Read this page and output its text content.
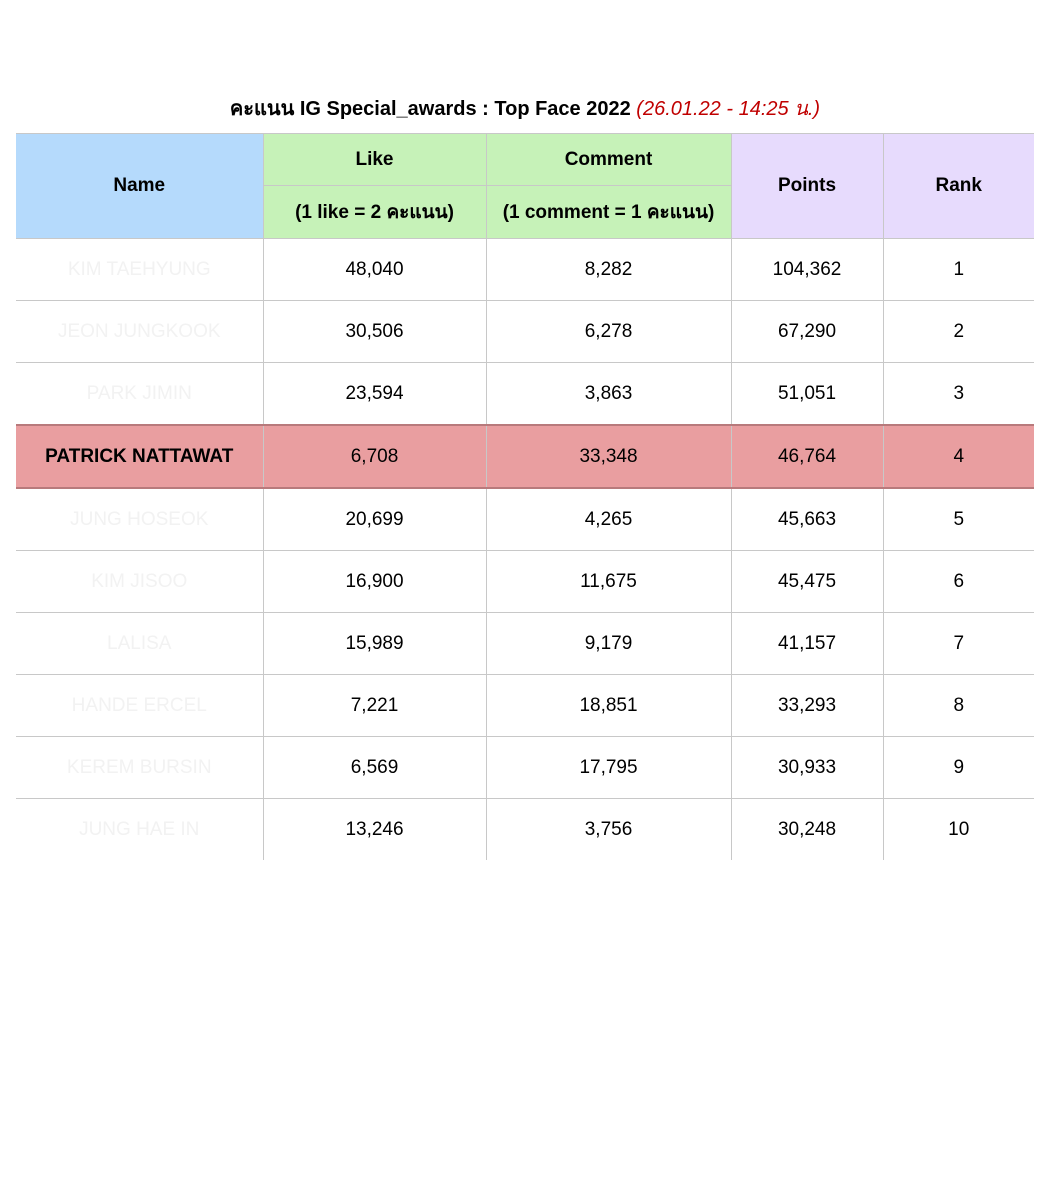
คะแนน IG Special_awards : Top Face 2022 (26.01.22 - 14:25 น.)
Name	Like	Comment	Points	Rank
	(1 like = 2 คะแนน)	(1 comment = 1 คะแนน)		
KIM TAEHYUNG	48,040	8,282	104,362	1
JEON JUNGKOOK	30,506	6,278	67,290	2
PARK JIMIN	23,594	3,863	51,051	3
PATRICK NATTAWAT	6,708	33,348	46,764	4
JUNG HOSEOK	20,699	4,265	45,663	5
KIM JISOO	16,900	11,675	45,475	6
LALISA	15,989	9,179	41,157	7
HANDE ERCEL	7,221	18,851	33,293	8
KEREM BURSIN	6,569	17,795	30,933	9
JUNG HAE IN	13,246	3,756	30,248	10
